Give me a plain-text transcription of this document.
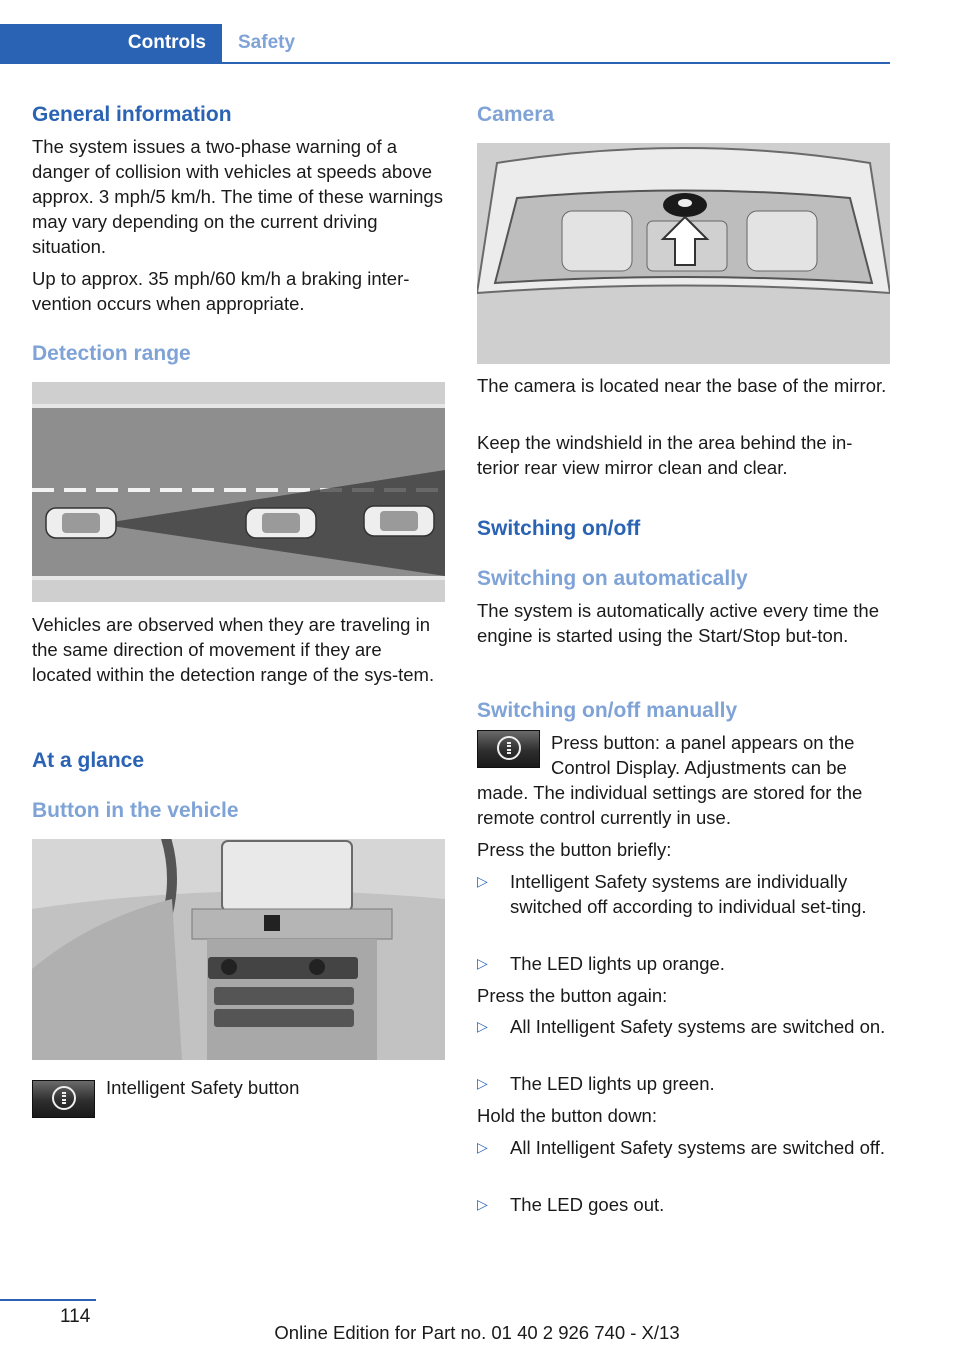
Controls	Safety
General information

The system issues a two-phase warning of a danger of collision with vehicles at speeds above approx. 3 mph/5 km/h. The time of these warnings may vary depending on the current driving situation.

Up to approx. 35 mph/60 km/h a braking inter-vention occurs when appropriate.

Detection range

Vehicles are observed when they are traveling in the same direction of movement if they are located within the detection range of the sys-tem.

At a glance
Button in the vehicle

Intelligent Safety button

Camera

The camera is located near the base of the mirror.

Keep the windshield in the area behind the in-terior rear view mirror clean and clear.

Switching on/off
Switching on automatically

The system is automatically active every time the engine is started using the Start/Stop but-ton.

Switching on/off manually

Press button: a panel appears on the Control Display. Adjustments can be

made. The individual settings are stored for the remote control currently in use.

Press the button briefly:

▷ Intelligent Safety systems are individually switched off according to individual set-ting.
▷ The LED lights up orange.

Press the button again:

▷ All Intelligent Safety systems are switched on.
▷ The LED lights up green.

Hold the button down:

▷ All Intelligent Safety systems are switched off.
▷ The LED goes out.
114
Online Edition for Part no. 01 40 2 926 740 - X/13
